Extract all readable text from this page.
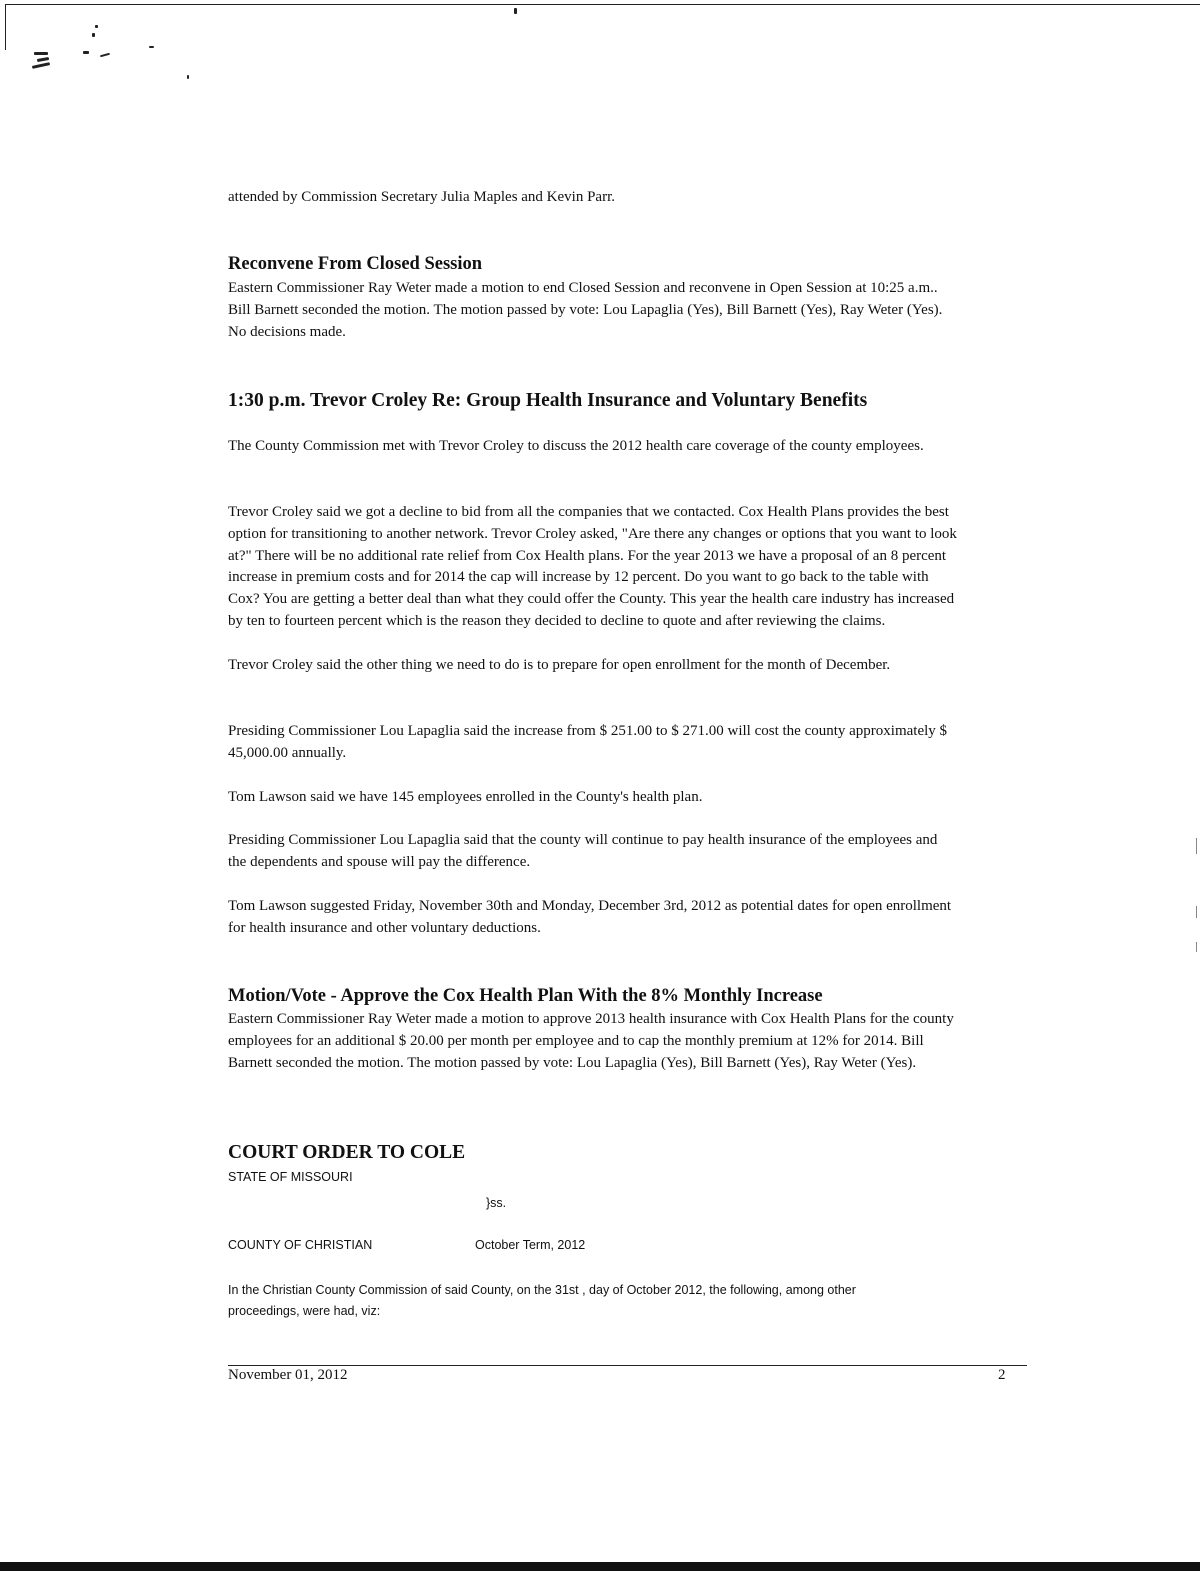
attended by Commission Secretary Julia Maples and Kevin Parr.

Reconvene From Closed Session

Eastern Commissioner Ray Weter made a motion to end Closed Session and reconvene in Open Session at 10:25 a.m.. Bill Barnett seconded the motion. The motion passed by vote: Lou Lapaglia (Yes), Bill Barnett (Yes), Ray Weter (Yes). No decisions made.

1:30 p.m. Trevor Croley Re: Group Health Insurance and Voluntary Benefits

The County Commission met with Trevor Croley to discuss the 2012 health care coverage of the county employees.

Trevor Croley said we got a decline to bid from all the companies that we contacted. Cox Health Plans provides the best option for transitioning to another network. Trevor Croley asked, "Are there any changes or options that you want to look at?" There will be no additional rate relief from Cox Health plans. For the year 2013 we have a proposal of an 8 percent increase in premium costs and for 2014 the cap will increase by 12 percent. Do you want to go back to the table with Cox? You are getting a better deal than what they could offer the County. This year the health care industry has increased by ten to fourteen percent which is the reason they decided to decline to quote and after reviewing the claims.

Trevor Croley said the other thing we need to do is to prepare for open enrollment for the month of December.

Presiding Commissioner Lou Lapaglia said the increase from $ 251.00 to $ 271.00 will cost the county approximately $ 45,000.00 annually.

Tom Lawson said we have 145 employees enrolled in the County's health plan.

Presiding Commissioner Lou Lapaglia said that the county will continue to pay health insurance of the employees and the dependents and spouse will pay the difference.

Tom Lawson suggested Friday, November 30th and Monday, December 3rd, 2012 as potential dates for open enrollment for health insurance and other voluntary deductions.

Motion/Vote - Approve the Cox Health Plan With the 8% Monthly Increase

Eastern Commissioner Ray Weter made a motion to approve 2013 health insurance with Cox Health Plans for the county employees for an additional $ 20.00 per month per employee and to cap the monthly premium at 12% for 2014. Bill Barnett seconded the motion. The motion passed by vote: Lou Lapaglia (Yes), Bill Barnett (Yes), Ray Weter (Yes).

COURT ORDER TO COLE
STATE OF MISSOURI
}ss.
COUNTY OF CHRISTIAN	October Term, 2012

In the Christian County Commission of said County, on the 31st , day of October 2012, the following, among other proceedings, were had, viz:

November 01, 2012	2
